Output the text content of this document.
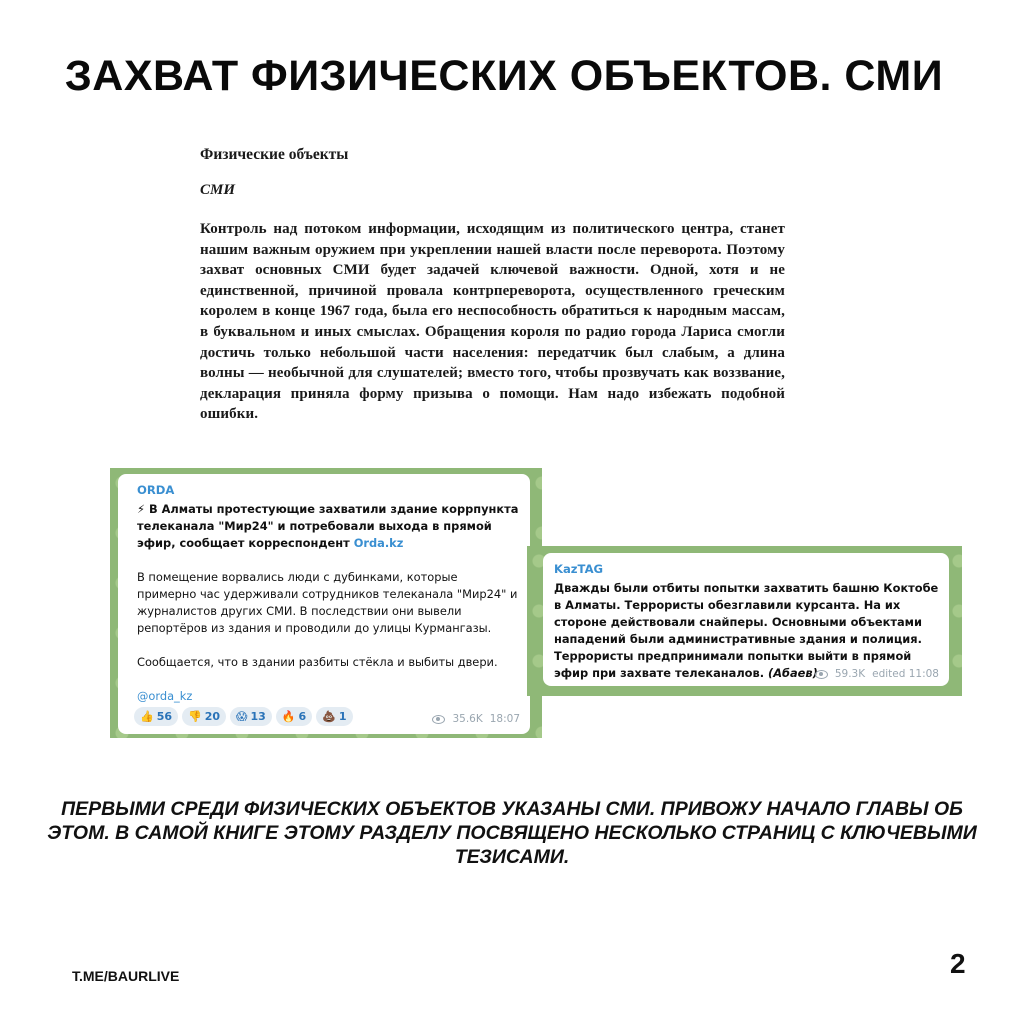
ЗАХВАТ ФИЗИЧЕСКИХ ОБЪЕКТОВ. СМИ

Физические объекты

СМИ

Контроль над потоком информации, исходящим из политического центра, станет нашим важным оружием при укреплении нашей власти после переворота. Поэтому захват основных СМИ будет задачей ключевой важности. Одной, хотя и не единственной, причиной провала контрпереворота, осуществленного греческим королем в конце 1967 года, была его неспособность обратиться к народным массам, в буквальном и иных смыслах. Обращения короля по радио города Лариса смогли достичь только небольшой части населения: передатчик был слабым, а длина волны — необычной для слушателей; вместо того, чтобы прозвучать как воззвание, декларация приняла форму призыва о помощи. Нам надо избежать подобной ошибки.

ORDA
⚡ В Алматы протестующие захватили здание коррпункта телеканала "Мир24" и потребовали выхода в прямой эфир, сообщает корреспондент Orda.kz
В помещение ворвались люди с дубинками, которые примерно час удерживали сотрудников телеканала "Мир24" и журналистов других СМИ. В последствии они вывели репортёров из здания и проводили до улицы Курмангазы.
Сообщается, что в здании разбиты стёкла и выбиты двери.
@orda_kz
👍 56 👎 20 😱 13 🔥 6 💩 1	35.6K 18:07
KazTAG
Дважды были отбиты попытки захватить башню Коктобе в Алматы. Террористы обезглавили курсанта. На их стороне действовали снайперы. Основными объектами нападений были административные здания и полиция. Террористы предпринимали попытки выйти в прямой эфир при захвате телеканалов. (Абаев)	59.3K edited 11:08
ПЕРВЫМИ СРЕДИ ФИЗИЧЕСКИХ ОБЪЕКТОВ УКАЗАНЫ СМИ. ПРИВОЖУ НАЧАЛО ГЛАВЫ ОБ ЭТОМ. В САМОЙ КНИГЕ ЭТОМУ РАЗДЕЛУ ПОСВЯЩЕНО НЕСКОЛЬКО СТРАНИЦ С КЛЮЧЕВЫМИ ТЕЗИСАМИ.
T.ME/BAURLIVE	2
